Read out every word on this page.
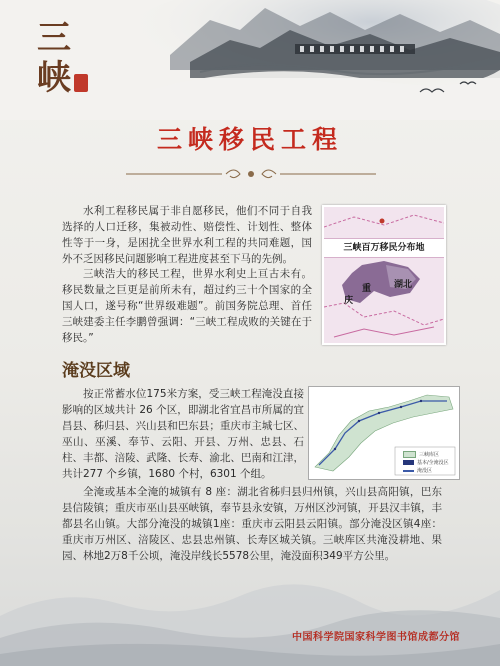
三
峡
三峡移民工程

水利工程移民属于非自愿移民，他们不同于自我选择的人口迁移，集被动性、赔偿性、计划性、整体性等于一身，是困扰全世界水利工程的共同难题，国外不乏因移民问题影响工程进度甚至下马的先例。

三峡浩大的移民工程，世界水利史上亘古未有。移民数量之巨更是前所未有，超过约三十个国家的全国人口，遂号称“世界级难题”。前国务院总理、首任三峡建委主任李鹏曾强调：“三峡工程成败的关键在于移民。”

三峡百万移民分布地
湖北
重
庆
淹没区域

按正常蓄水位175米方案，受三峡工程淹没直接影响的区域共计 26 个区，即湖北省宜昌市所属的宜昌县、秭归县、兴山县和巴东县；重庆市主城七区、巫山、巫溪、奉节、云阳、开县、万州、忠县、石柱、丰都、涪陵、武隆、长寿、渝北、巴南和江津，共计277 个乡镇，1680 个村，6301 个组。

全淹或基本全淹的城镇有 8 座：湖北省秭归县归州镇，兴山县高阳镇，巴东县信陵镇；重庆市巫山县巫峡镇，奉节县永安镇，万州区沙河镇，开县汉丰镇，丰都县名山镇。大部分淹没的城镇1座：重庆市云阳县云阳镇。部分淹没区镇4座：重庆市万州区、涪陵区、忠县忠州镇、长寿区城关镇。三峡库区共淹没耕地、果园、林地2万8千公顷，淹没岸线长5578公里，淹没面积349平方公里。

三峡库区
基本/全淹没区
淹没区

中国科学院国家科学图书馆成都分馆
